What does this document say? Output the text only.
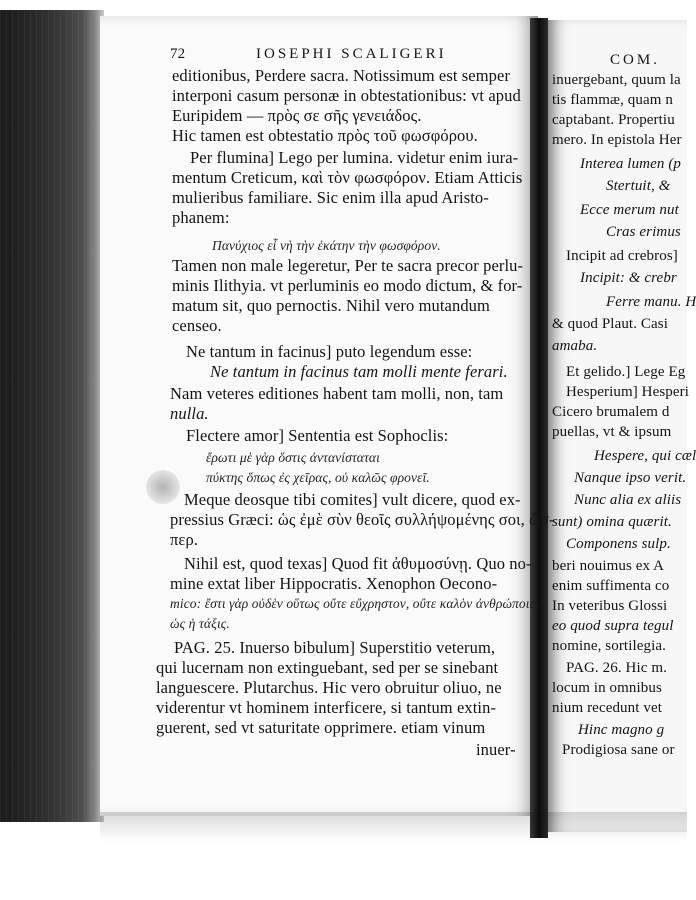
72	IOSEPHI SCALIGERI
editionibus, Perdere sacra. Notissimum est semper
interponi casum personæ in obtestationibus: vt apud
Euripidem — πρὸς σε σῆς γενειάδος.
Hic tamen est obtestatio πρὸς τοῦ φωσφόρου.
Per flumina] Lego per lumina. videtur enim iura-
mentum Creticum, καὶ τὸν φωσφόρον. Etiam Atticis
mulieribus familiare. Sic enim illa apud Aristo-
phanem:
Πανύχιος εἶ νὴ τὴν ἑκάτην τὴν φωσφόρον.
Tamen non male legeretur, Per te sacra precor perlu-
minis Ilithyia. vt perluminis eo modo dictum, & for-
matum sit, quo pernoctis. Nihil vero mutandum
censeo.
Ne tantum in facinus] puto legendum esse:
Ne tantum in facinus tam molli mente ferari.
Nam veteres editiones habent tam molli, non, tam
nulla.
Flectere amor] Sententia est Sophoclis:
ἔρωτι μὲ γὰρ ὅστις ἀντανίσταται
πύκτης ὅπως ἐς χεῖρας, οὐ καλῶς φρονεῖ.
Meque deosque tibi comites] vult dicere, quod ex-
pressius Græci: ὡς ἐμὲ σὺν θεοῖς συλλήψομένης σοι, ὥσ-
περ.
Nihil est, quod texas] Quod fit ἀθυμοσύνῃ. Quo no-
mine extat liber Hippocratis. Xenophon Oecono-
mico: ἔστι γὰρ οὐδὲν οὕτως οὔτε εὔχρηστον, οὔτε καλὸν ἀνθρώποις,
ὡς ἡ τάξις.
PAG. 25. Inuerso bibulum] Superstitio veterum,
qui lucernam non extinguebant, sed per se sinebant
languescere. Plutarchus. Hic vero obruitur oliuo, ne
viderentur vt hominem interficere, si tantum extin-
guerent, sed vt saturitate opprimere. etiam vinum
inuer-
COM.
inuergebant, quum la
tis flammæ, quam n
captabant. Propertiu
mero. In epistola Her
Interea lumen (p
Stertuit, &
Ecce merum nut
Cras erimus
Incipit ad crebros]
Incipit: & crebr
Ferre manu. H
& quod Plaut. Casi
amaba.
Et gelido.] Lege Eg
Hesperium] Hesperi
Cicero brumalem d
puellas, vt & ipsum
Hespere, qui cæl
Nanque ipso verit.
Nunc alia ex aliis
sunt) omina quærit.
Componens sulp.
beri nouimus ex A
enim suffimenta co
In veteribus Glossi
eo quod supra tegul
nomine, sortilegia.
PAG. 26. Hic m.
locum in omnibus
nium recedunt vet
Hinc magno g
Prodigiosa sane or
